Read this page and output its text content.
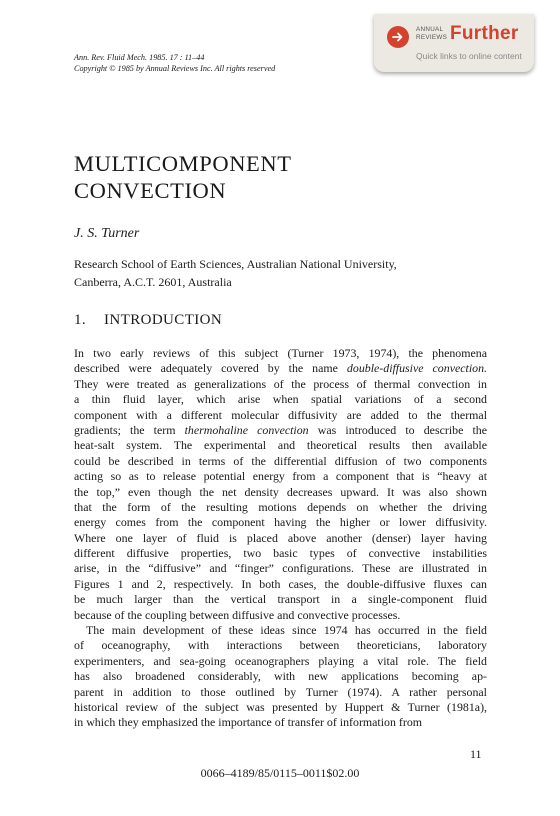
Ann. Rev. Fluid Mech. 1985. 17 : 11–44
Copyright © 1985 by Annual Reviews Inc. All rights reserved
ANNUAL
REVIEWS Further
Quick links to online content
MULTICOMPONENT
CONVECTION
J. S. Turner
Research School of Earth Sciences, Australian National University,
Canberra, A.C.T. 2601, Australia
1. INTRODUCTION
In two early reviews of this subject (Turner 1973, 1974), the phenomena
described were adequately covered by the name double-diffusive convection.
They were treated as generalizations of the process of thermal convection in
a thin fluid layer, which arise when spatial variations of a second
component with a different molecular diffusivity are added to the thermal
gradients; the term thermohaline convection was introduced to describe the
heat-salt system. The experimental and theoretical results then available
could be described in terms of the differential diffusion of two components
acting so as to release potential energy from a component that is “heavy at
the top,” even though the net density decreases upward. It was also shown
that the form of the resulting motions depends on whether the driving
energy comes from the component having the higher or lower diffusivity.
Where one layer of fluid is placed above another (denser) layer having
different diffusive properties, two basic types of convective instabilities
arise, in the “diffusive” and “finger” configurations. These are illustrated in
Figures 1 and 2, respectively. In both cases, the double-diffusive fluxes can
be much larger than the vertical transport in a single-component fluid
because of the coupling between diffusive and convective processes.
The main development of these ideas since 1974 has occurred in the field
of oceanography, with interactions between theoreticians, laboratory
experimenters, and sea-going oceanographers playing a vital role. The field
has also broadened considerably, with new applications becoming ap-
parent in addition to those outlined by Turner (1974). A rather personal
historical review of the subject was presented by Huppert & Turner (1981a),
in which they emphasized the importance of transfer of information from
11
0066–4189/85/0115–0011$02.00
